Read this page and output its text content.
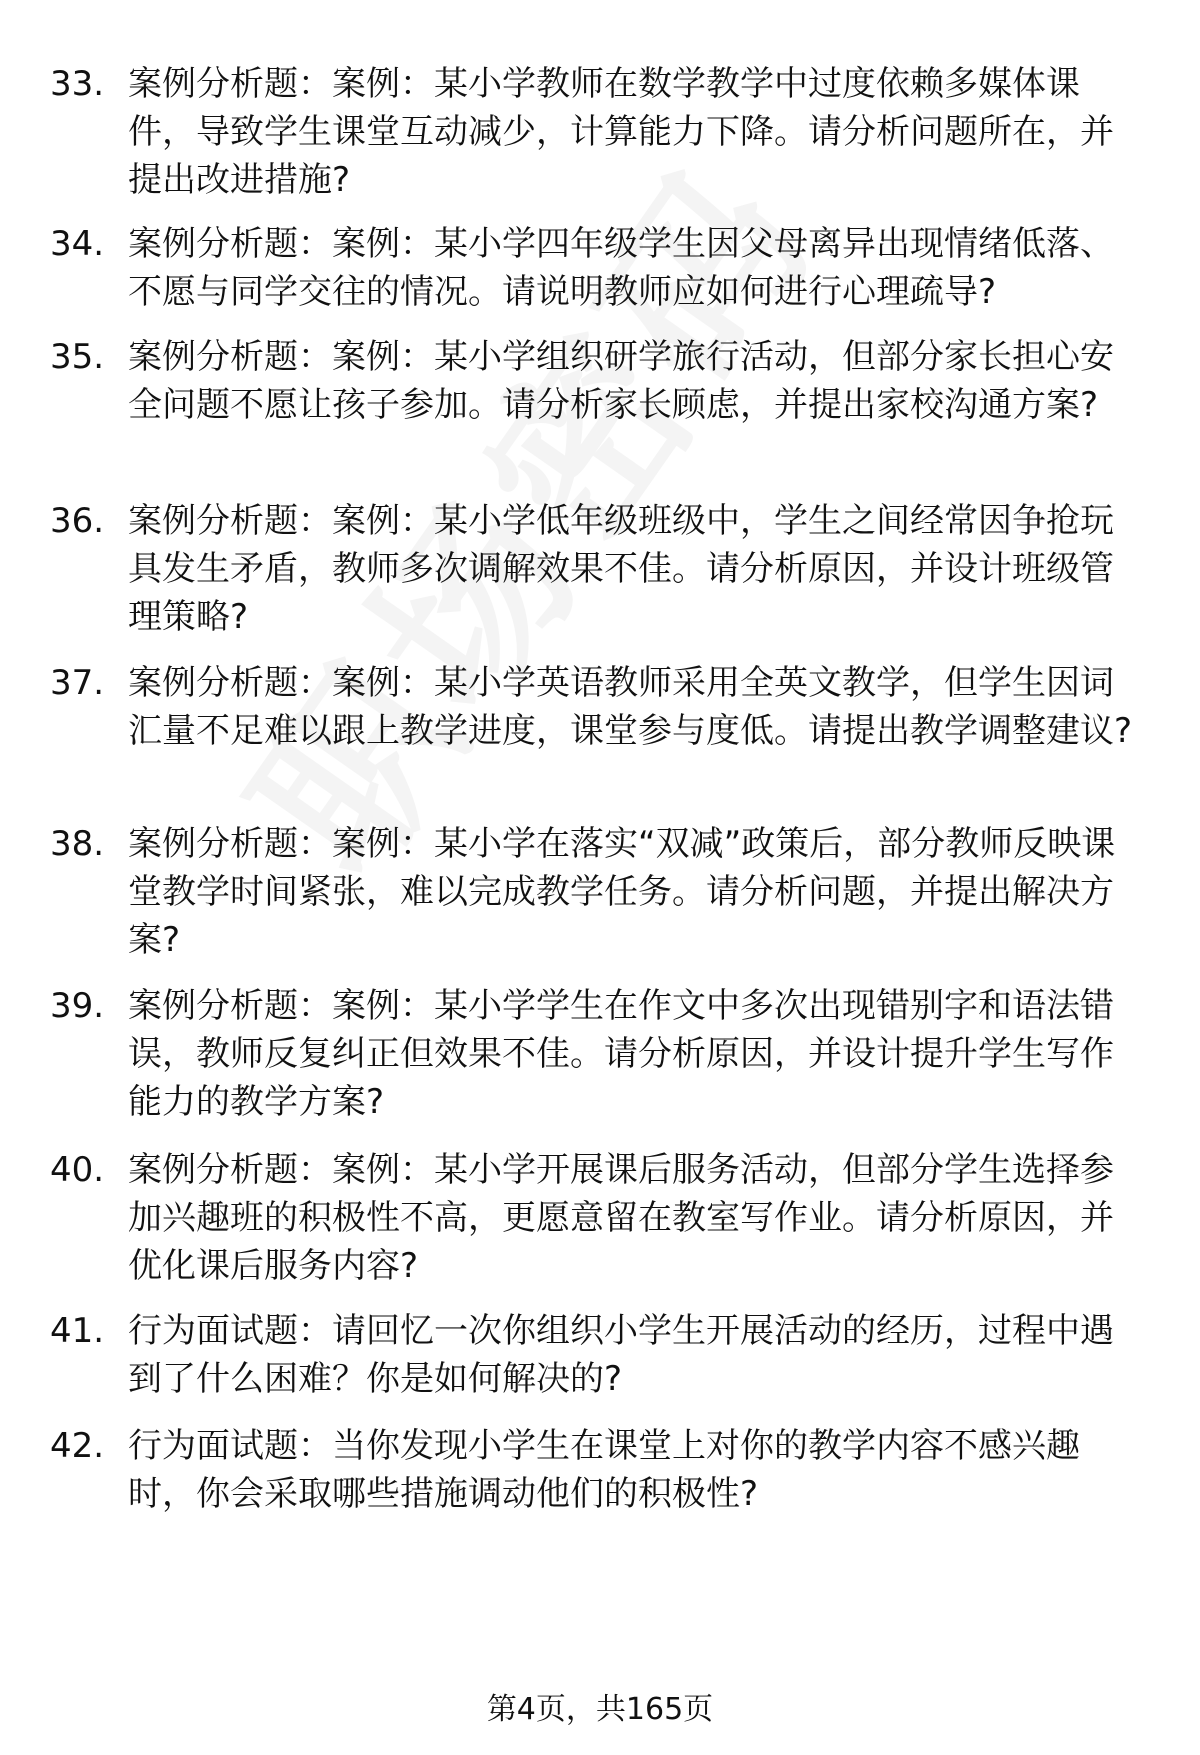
33. 案例分析题：案例：某小学教师在数学教学中过度依赖多媒体课件，导致学生课堂互动减少，计算能力下降。请分析问题所在，并提出改进措施?
34. 案例分析题：案例：某小学四年级学生因父母离异出现情绪低落、不愿与同学交往的情况。请说明教师应如何进行心理疏导?
35. 案例分析题：案例：某小学组织研学旅行活动，但部分家长担心安全问题不愿让孩子参加。请分析家长顾虑，并提出家校沟通方案?
36. 案例分析题：案例：某小学低年级班级中，学生之间经常因争抢玩具发生矛盾，教师多次调解效果不佳。请分析原因，并设计班级管理策略?
37. 案例分析题：案例：某小学英语教师采用全英文教学，但学生因词汇量不足难以跟上教学进度，课堂参与度低。请提出教学调整建议?
38. 案例分析题：案例：某小学在落实“双减”政策后，部分教师反映课堂教学时间紧张，难以完成教学任务。请分析问题，并提出解决方案?
39. 案例分析题：案例：某小学学生在作文中多次出现错别字和语法错误，教师反复纠正但效果不佳。请分析原因，并设计提升学生写作能力的教学方案?
40. 案例分析题：案例：某小学开展课后服务活动，但部分学生选择参加兴趣班的积极性不高，更愿意留在教室写作业。请分析原因，并优化课后服务内容?
41. 行为面试题：请回忆一次你组织小学生开展活动的经历，过程中遇到了什么困难？你是如何解决的?
42. 行为面试题：当你发现小学生在课堂上对你的教学内容不感兴趣时，你会采取哪些措施调动他们的积极性?
第4页，共165页
